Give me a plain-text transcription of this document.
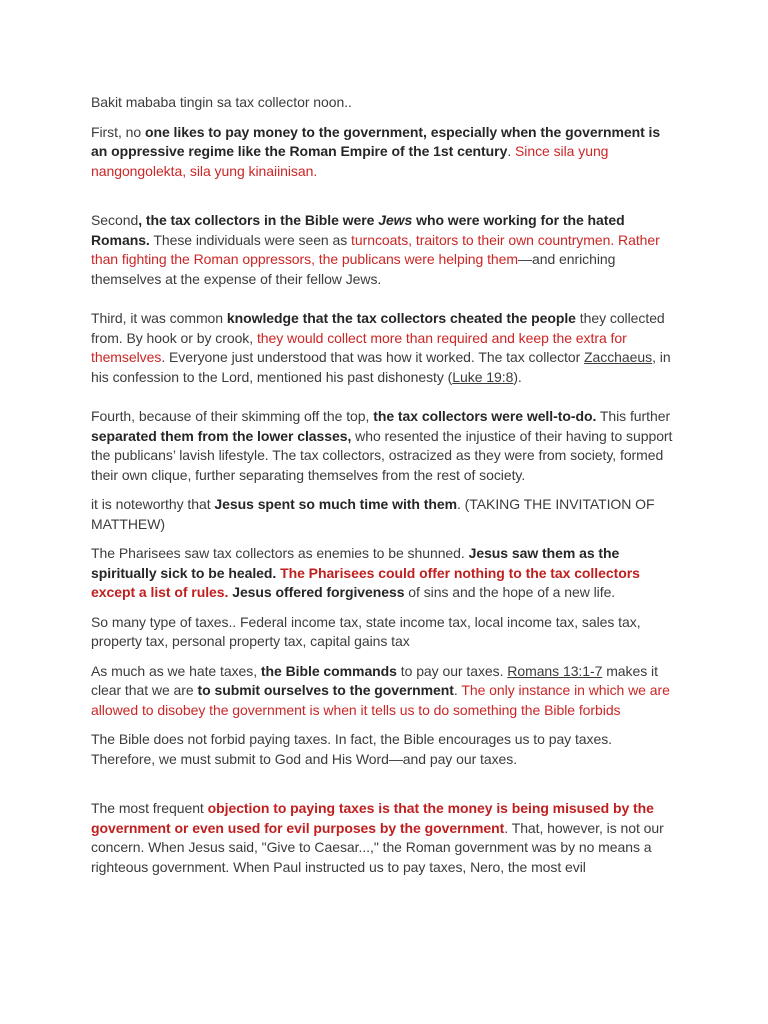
Bakit mababa tingin sa tax collector noon..

First, no one likes to pay money to the government, especially when the government is an oppressive regime like the Roman Empire of the 1st century. Since sila yung nangongolekta, sila yung kinaiinisan.

Second, the tax collectors in the Bible were Jews who were working for the hated Romans. These individuals were seen as turncoats, traitors to their own countrymen. Rather than fighting the Roman oppressors, the publicans were helping them—and enriching themselves at the expense of their fellow Jews.

Third, it was common knowledge that the tax collectors cheated the people they collected from. By hook or by crook, they would collect more than required and keep the extra for themselves. Everyone just understood that was how it worked. The tax collector Zacchaeus, in his confession to the Lord, mentioned his past dishonesty (Luke 19:8).

Fourth, because of their skimming off the top, the tax collectors were well-to-do. This further separated them from the lower classes, who resented the injustice of their having to support the publicans’ lavish lifestyle. The tax collectors, ostracized as they were from society, formed their own clique, further separating themselves from the rest of society.

it is noteworthy that Jesus spent so much time with them. (TAKING THE INVITATION OF MATTHEW)

The Pharisees saw tax collectors as enemies to be shunned. Jesus saw them as the spiritually sick to be healed. The Pharisees could offer nothing to the tax collectors except a list of rules. Jesus offered forgiveness of sins and the hope of a new life.

So many type of taxes.. Federal income tax, state income tax, local income tax, sales tax, property tax, personal property tax, capital gains tax

As much as we hate taxes, the Bible commands to pay our taxes. Romans 13:1-7 makes it clear that we are to submit ourselves to the government. The only instance in which we are allowed to disobey the government is when it tells us to do something the Bible forbids

The Bible does not forbid paying taxes. In fact, the Bible encourages us to pay taxes. Therefore, we must submit to God and His Word—and pay our taxes.

The most frequent objection to paying taxes is that the money is being misused by the government or even used for evil purposes by the government. That, however, is not our concern. When Jesus said, "Give to Caesar...," the Roman government was by no means a righteous government. When Paul instructed us to pay taxes, Nero, the most evil
